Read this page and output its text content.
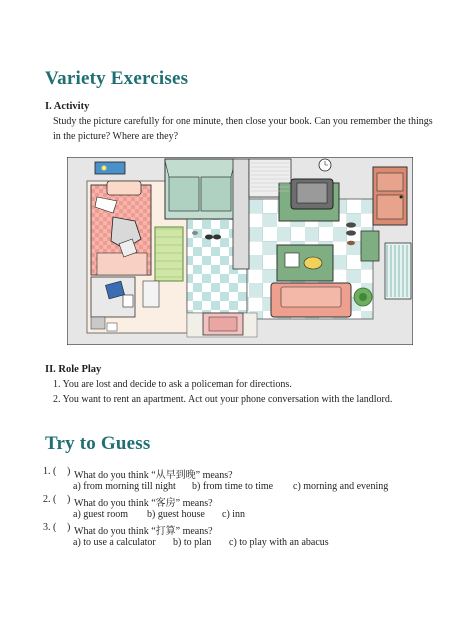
Variety Exercises
I. Activity
Study the picture carefully for one minute, then close your book. Can you remember the things
in the picture? Where are they?
II. Role Play
1. You are lost and decide to ask a policeman for directions.
2. You want to rent an apartment. Act out your phone conversation with the landlord.
Try to Guess
1. ( ) What do you think “从早到晚” means?
a) from morning till night b) from time to time c) morning and evening
2. ( ) What do you think “客房” means?
a) guest room b) guest house c) inn
3. ( ) What do you think “打算” means?
a) to use a calculator b) to plan c) to play with an abacus
